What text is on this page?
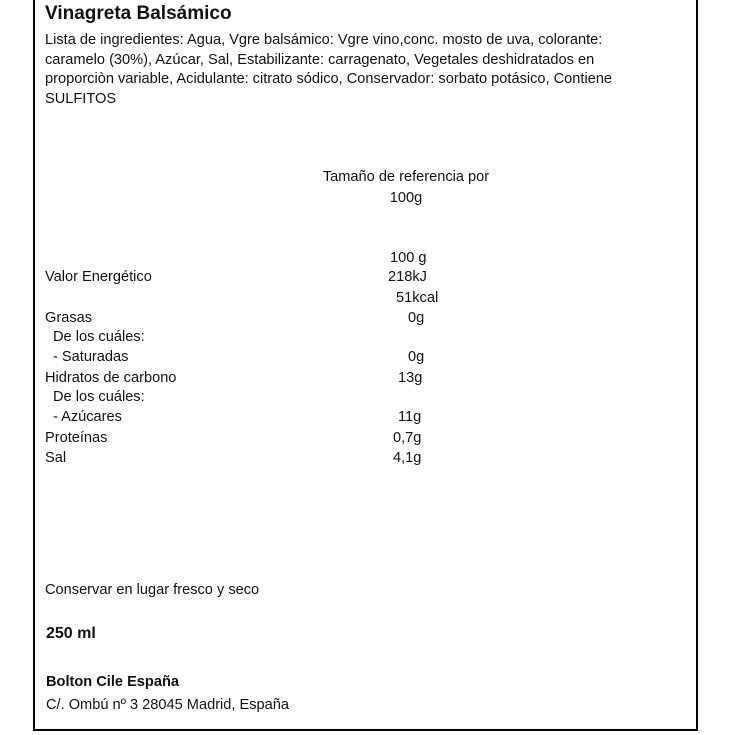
Vinagreta Balsámico
Lista de ingredientes: Agua, Vgre balsámico: Vgre vino,conc. mosto de uva, colorante: caramelo (30%), Azúcar, Sal, Estabilizante: carragenato, Vegetales deshidratados en proporciòn variable, Acidulante: citrato sódico, Conservador: sorbato potásico, Contiene SULFITOS
Tamaño de referencia por
100g
100 g
Valor Energético	218kJ
51kcal
Grasas	0g
De los cuáles:
- Saturadas	0g
Hidratos de carbono	13g
De los cuáles:
- Azúcares	11g
Proteínas	0,7g
Sal	4,1g
Conservar en lugar fresco y seco
250 ml
Bolton Cile España
C/. Ombú nº 3 28045 Madrid, España
